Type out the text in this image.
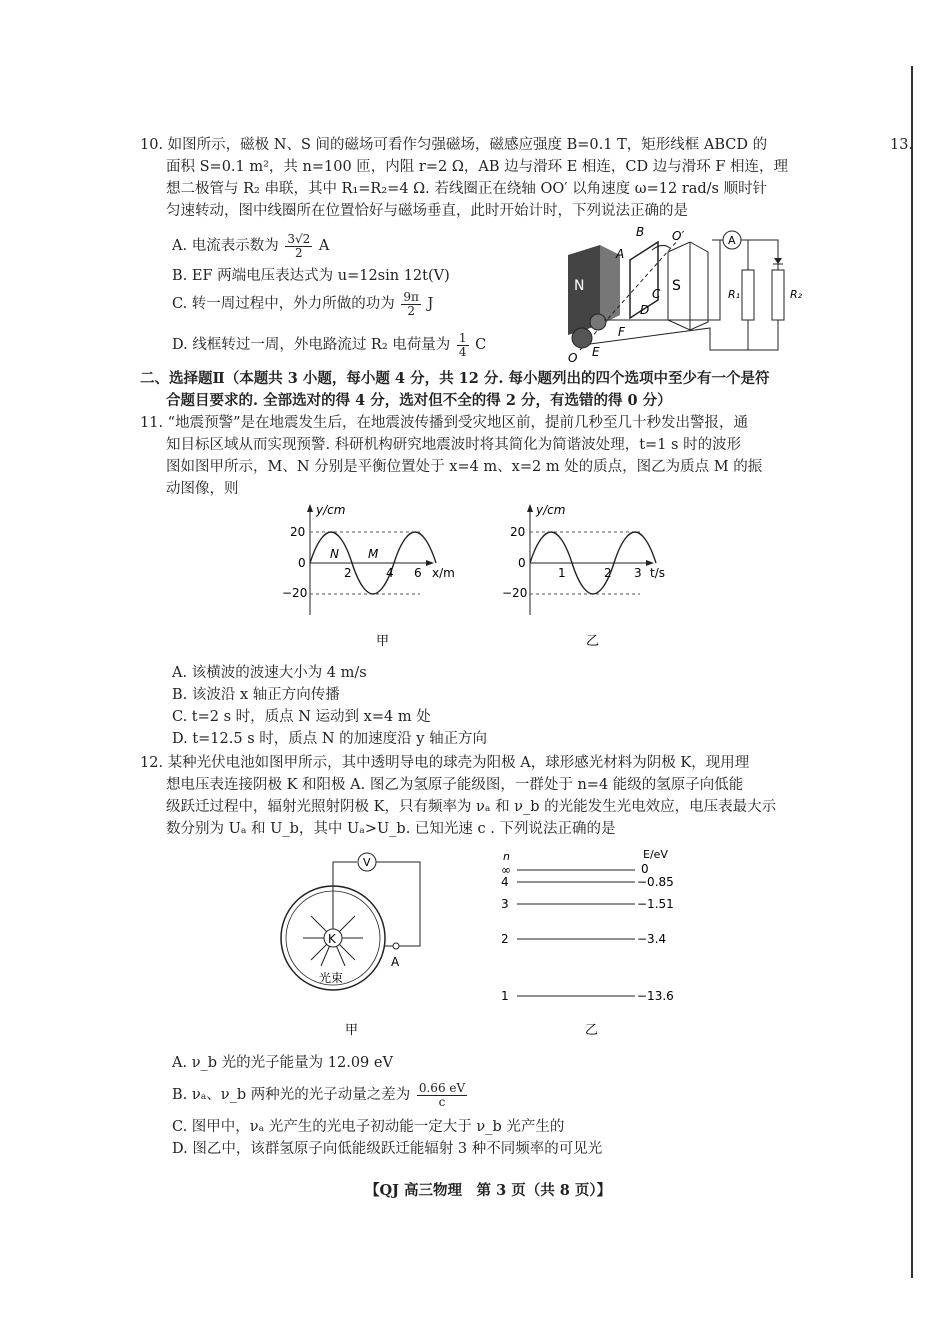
13.
10. 如图所示，磁极 N、S 间的磁场可看作匀强磁场，磁感应强度 B=0.1 T，矩形线框 ABCD 的
面积 S=0.1 m²，共 n=100 匝，内阻 r=2 Ω，AB 边与滑环 E 相连，CD 边与滑环 F 相连，理
想二极管与 R₂ 串联，其中 R₁=R₂=4 Ω. 若线圈正在绕轴 OO′ 以角速度 ω=12 rad/s 顺时针
匀速转动，图中线圈所在位置恰好与磁场垂直，此时开始计时，下列说法正确的是
A. 电流表示数为 $\frac{3√2}{2}$ A
B. EF 两端电压表达式为 u=12sin 12t(V)
C. 转一周过程中，外力所做的功为 $\frac{9\pi}{2}$ J
D. 线框转过一周，外电路流过 R₂ 电荷量为 $\frac{1}{4}$ C
N
A
B
C
D
O′
S
E
F
O
A
R₁	R₂
二、选择题Ⅱ（本题共 3 小题，每小题 4 分，共 12 分. 每小题列出的四个选项中至少有一个是符
合题目要求的. 全部选对的得 4 分，选对但不全的得 2 分，有选错的得 0 分）
11. “地震预警”是在地震发生后，在地震波传播到受灾地区前，提前几秒至几十秒发出警报，通
知目标区域从而实现预警. 科研机构研究地震波时将其简化为简谐波处理，t=1 s 时的波形
图如图甲所示，M、N 分别是平衡位置处于 x=4 m、x=2 m 处的质点，图乙为质点 M 的振
动图像，则
y/cm
x/m
20
0
−20
2	4 6
N M
甲
y/cm
t/s
20
0
−20
1	2 3
乙
A. 该横波的波速大小为 4 m/s
B. 该波沿 x 轴正方向传播
C. t=2 s 时，质点 N 运动到 x=4 m 处
D. t=12.5 s 时，质点 N 的加速度沿 y 轴正方向
12. 某种光伏电池如图甲所示，其中透明导电的球壳为阳极 A，球形感光材料为阴极 K，现用理
想电压表连接阴极 K 和阳极 A. 图乙为氢原子能级图，一群处于 n=4 能级的氢原子向低能
级跃迁过程中，辐射光照射阴极 K，只有频率为 νₐ 和 ν_b 的光能发生光电效应，电压表最大示
数分别为 Uₐ 和 U_b，其中 Uₐ>U_b. 已知光速 c . 下列说法正确的是
K
光束
V
A
甲
n	E/eV
∞	0
4	−0.85
3	−1.51
2	−3.4
1	−13.6
乙
A. ν_b 光的光子能量为 12.09 eV
B. νₐ、ν_b 两种光的光子动量之差为 $\frac{0.66 eV}{c}$
C. 图甲中，νₐ 光产生的光电子初动能一定大于 ν_b 光产生的
D. 图乙中，该群氢原子向低能级跃迁能辐射 3 种不同频率的可见光
【QJ 高三物理　第 3 页（共 8 页）】
